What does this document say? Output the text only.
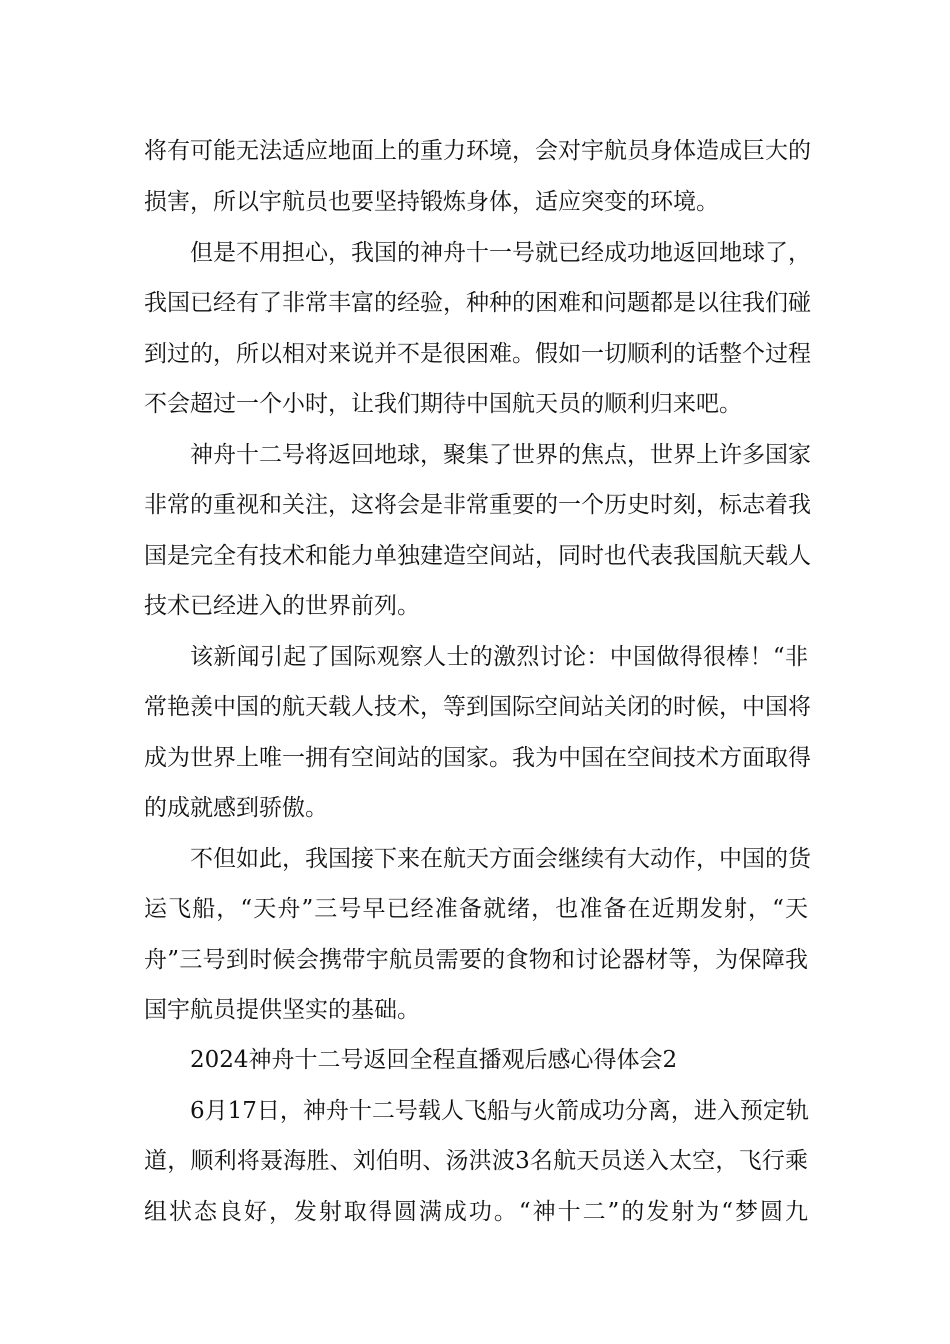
将有可能无法适应地面上的重力环境，会对宇航员身体造成巨大的
损害，所以宇航员也要坚持锻炼身体，适应突变的环境。
但是不用担心，我国的神舟十一号就已经成功地返回地球了，
我国已经有了非常丰富的经验，种种的困难和问题都是以往我们碰
到过的，所以相对来说并不是很困难。假如一切顺利的话整个过程
不会超过一个小时，让我们期待中国航天员的顺利归来吧。
神舟十二号将返回地球，聚集了世界的焦点，世界上许多国家
非常的重视和关注，这将会是非常重要的一个历史时刻，标志着我
国是完全有技术和能力单独建造空间站，同时也代表我国航天载人
技术已经进入的世界前列。
该新闻引起了国际观察人士的激烈讨论：中国做得很棒！“非
常艳羡中国的航天载人技术，等到国际空间站关闭的时候，中国将
成为世界上唯一拥有空间站的国家。我为中国在空间技术方面取得
的成就感到骄傲。
不但如此，我国接下来在航天方面会继续有大动作，中国的货
运飞船，“天舟”三号早已经准备就绪，也准备在近期发射，“天
舟”三号到时候会携带宇航员需要的食物和讨论器材等，为保障我
国宇航员提供坚实的基础。
2024神舟十二号返回全程直播观后感心得体会2
6月17日，神舟十二号载人飞船与火箭成功分离，进入预定轨
道，顺利将聂海胜、刘伯明、汤洪波3名航天员送入太空，飞行乘
组状态良好，发射取得圆满成功。“神十二”的发射为“梦圆九
